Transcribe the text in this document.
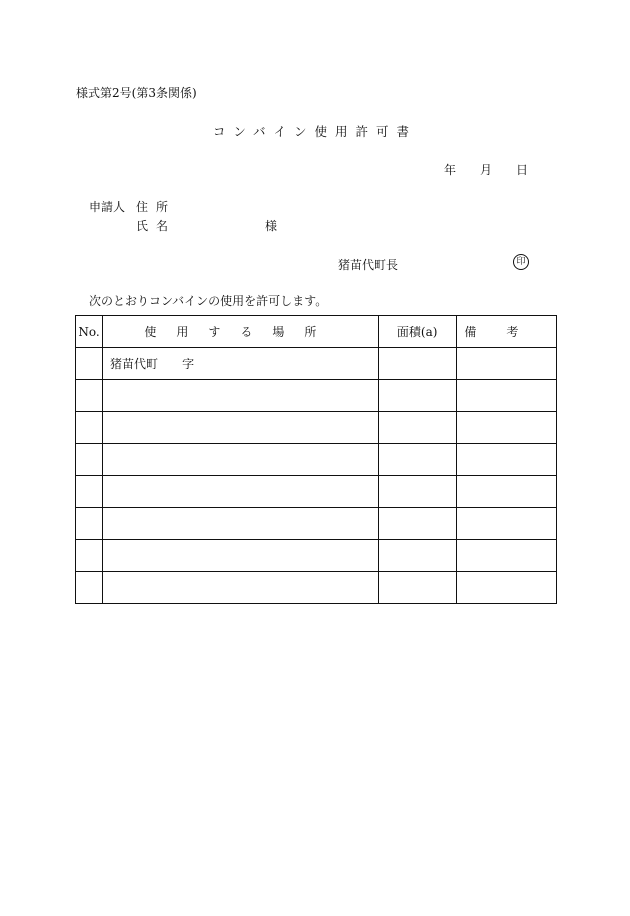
様式第2号(第3条関係)
コンバイン使用許可書
年 月 日
申請人 住所
氏名	様
猪苗代町長	印
次のとおりコンバインの使用を許可します。
No.	使用する場所	面積(a)	備考
	猪苗代町 字		
